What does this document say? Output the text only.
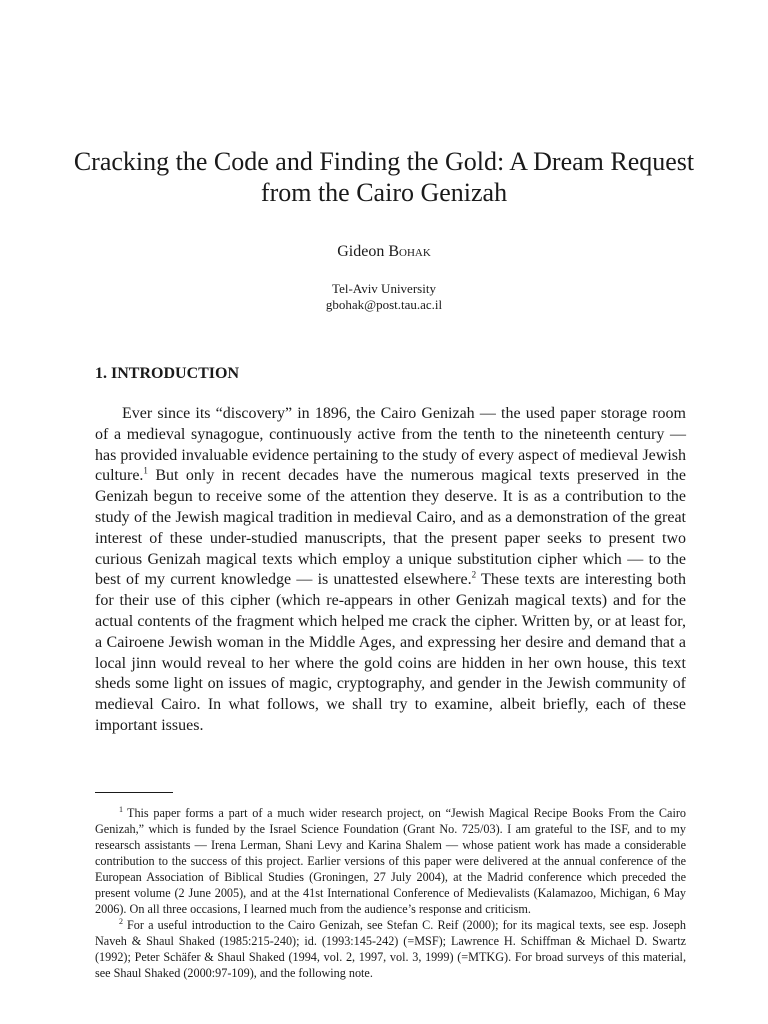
Cracking the Code and Finding the Gold: A Dream Request from the Cairo Genizah
Gideon Bohak
Tel-Aviv University
gbohak@post.tau.ac.il
1. INTRODUCTION

Ever since its “discovery” in 1896, the Cairo Genizah — the used paper storage room of a medieval synagogue, continuously active from the tenth to the nineteenth century — has provided invaluable evidence pertaining to the study of every aspect of medieval Jewish culture.$^1$ But only in recent decades have the numerous magical texts preserved in the Genizah begun to receive some of the attention they deserve. It is as a contribution to the study of the Jewish magical tradition in medieval Cairo, and as a demonstration of the great interest of these under-studied manuscripts, that the present paper seeks to present two curious Genizah magical texts which employ a unique substitution cipher which — to the best of my current knowledge — is unattested elsewhere.$^2$ These texts are interesting both for their use of this cipher (which re-appears in other Genizah magical texts) and for the actual contents of the fragment which helped me crack the cipher. Written by, or at least for, a Cairoene Jewish woman in the Middle Ages, and expressing her desire and demand that a local jinn would reveal to her where the gold coins are hidden in her own house, this text sheds some light on issues of magic, cryptography, and gender in the Jewish community of medieval Cairo. In what follows, we shall try to examine, albeit briefly, each of these important issues.

$^1$ This paper forms a part of a much wider research project, on “Jewish Magical Recipe Books From the Cairo Genizah,” which is funded by the Israel Science Foundation (Grant No. 725/03). I am grateful to the ISF, and to my researsch assistants — Irena Lerman, Shani Levy and Karina Shalem — whose patient work has made a considerable contribution to the success of this project. Earlier versions of this paper were delivered at the annual conference of the European Association of Biblical Studies (Groningen, 27 July 2004), at the Madrid conference which preceded the present volume (2 June 2005), and at the 41st International Conference of Medievalists (Kalamazoo, Michigan, 6 May 2006). On all three occasions, I learned much from the audience’s response and criticism.

$^2$ For a useful introduction to the Cairo Genizah, see Stefan C. Reif (2000); for its magical texts, see esp. Joseph Naveh & Shaul Shaked (1985:215-240); id. (1993:145-242) (=MSF); Lawrence H. Schiffman & Michael D. Swartz (1992); Peter Schäfer & Shaul Shaked (1994, vol. 2, 1997, vol. 3, 1999) (=MTKG). For broad surveys of this material, see Shaul Shaked (2000:97-109), and the following note.
